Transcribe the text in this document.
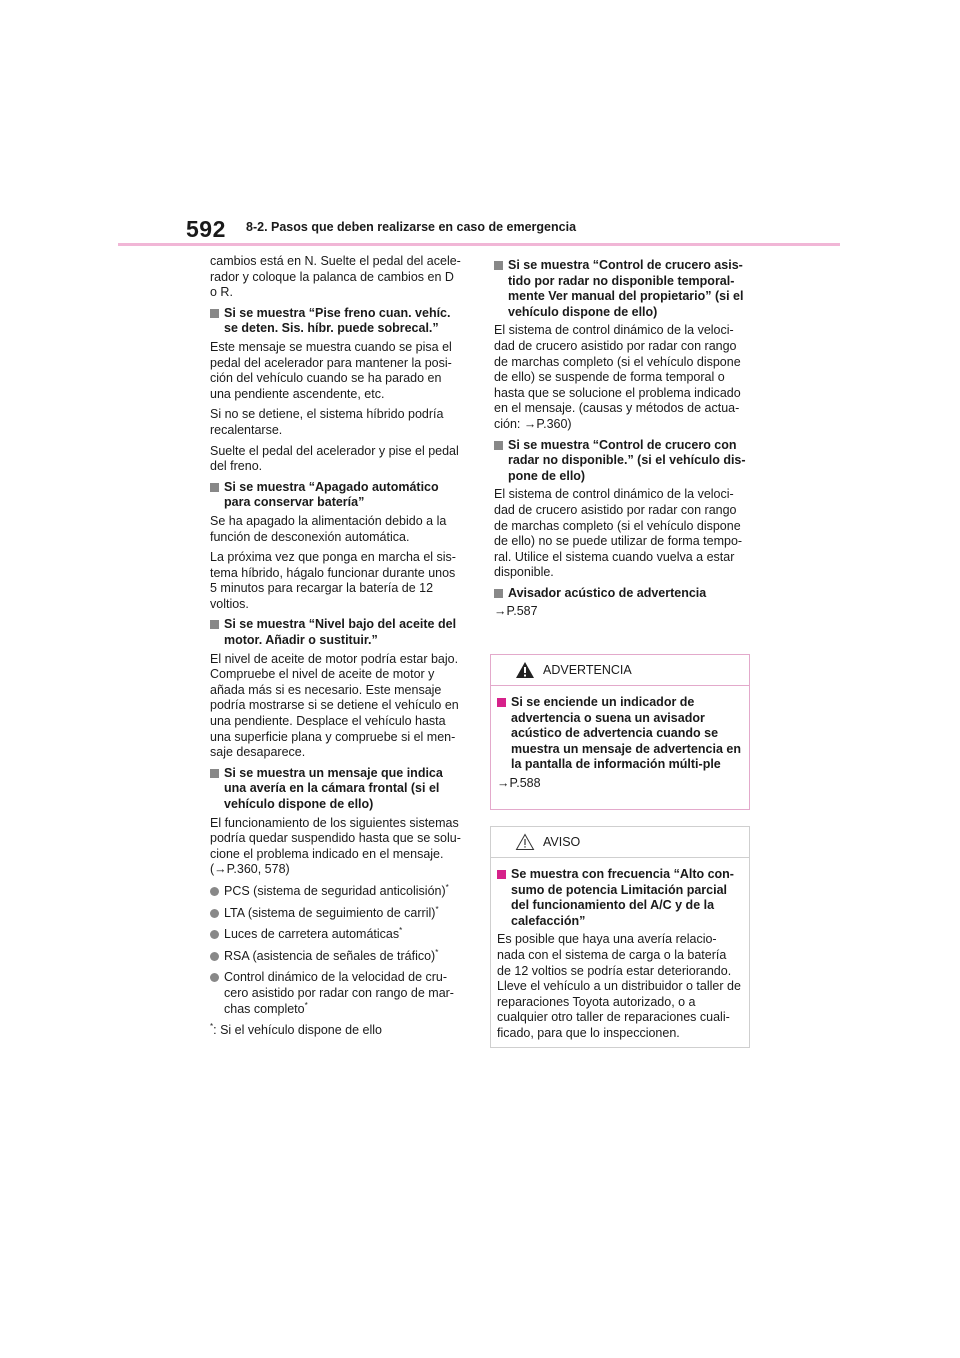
592 8-2. Pasos que deben realizarse en caso de emergencia

cambios está en N. Suelte el pedal del acele-rador y coloque la palanca de cambios en D o R.

Si se muestra “Pise freno cuan. vehíc. se deten. Sis. híbr. puede sobrecal.”

Este mensaje se muestra cuando se pisa el pedal del acelerador para mantener la posi-ción del vehículo cuando se ha parado en una pendiente ascendente, etc.

Si no se detiene, el sistema híbrido podría recalentarse.

Suelte el pedal del acelerador y pise el pedal del freno.

Si se muestra “Apagado automático para conservar batería”

Se ha apagado la alimentación debido a la función de desconexión automática.

La próxima vez que ponga en marcha el sis-tema híbrido, hágalo funcionar durante unos 5 minutos para recargar la batería de 12 voltios.

Si se muestra “Nivel bajo del aceite del motor. Añadir o sustituir.”

El nivel de aceite de motor podría estar bajo. Compruebe el nivel de aceite de motor y añada más si es necesario. Este mensaje podría mostrarse si se detiene el vehículo en una pendiente. Desplace el vehículo hasta una superficie plana y compruebe si el men-saje desaparece.

Si se muestra un mensaje que indica una avería en la cámara frontal (si el vehículo dispone de ello)

El funcionamiento de los siguientes sistemas podría quedar suspendido hasta que se solu-cione el problema indicado en el mensaje. (→P.360, 578)

PCS (sistema de seguridad anticolisión)*
LTA (sistema de seguimiento de carril)*
Luces de carretera automáticas*
RSA (asistencia de señales de tráfico)*
Control dinámico de la velocidad de cru-cero asistido por radar con rango de mar-chas completo*

*: Si el vehículo dispone de ello

Si se muestra “Control de crucero asis-tido por radar no disponible temporal-mente Ver manual del propietario” (si el vehículo dispone de ello)

El sistema de control dinámico de la veloci-dad de crucero asistido por radar con rango de marchas completo (si el vehículo dispone de ello) se suspende de forma temporal o hasta que se solucione el problema indicado en el mensaje. (causas y métodos de actua-ción: →P.360)

Si se muestra “Control de crucero con radar no disponible.” (si el vehículo dis-pone de ello)

El sistema de control dinámico de la veloci-dad de crucero asistido por radar con rango de marchas completo (si el vehículo dispone de ello) no se puede utilizar de forma tempo-ral. Utilice el sistema cuando vuelva a estar disponible.

Avisador acústico de advertencia

→P.587

ADVERTENCIA
Si se enciende un indicador de advertencia o suena un avisador acústico de advertencia cuando se muestra un mensaje de advertencia en la pantalla de información múlti-ple

→P.588

AVISO
Se muestra con frecuencia “Alto con-sumo de potencia Limitación parcial del funcionamiento del A/C y de la calefacción”

Es posible que haya una avería relacio-nada con el sistema de carga o la batería de 12 voltios se podría estar deteriorando. Lleve el vehículo a un distribuidor o taller de reparaciones Toyota autorizado, o a cualquier otro taller de reparaciones cuali-ficado, para que lo inspeccionen.
